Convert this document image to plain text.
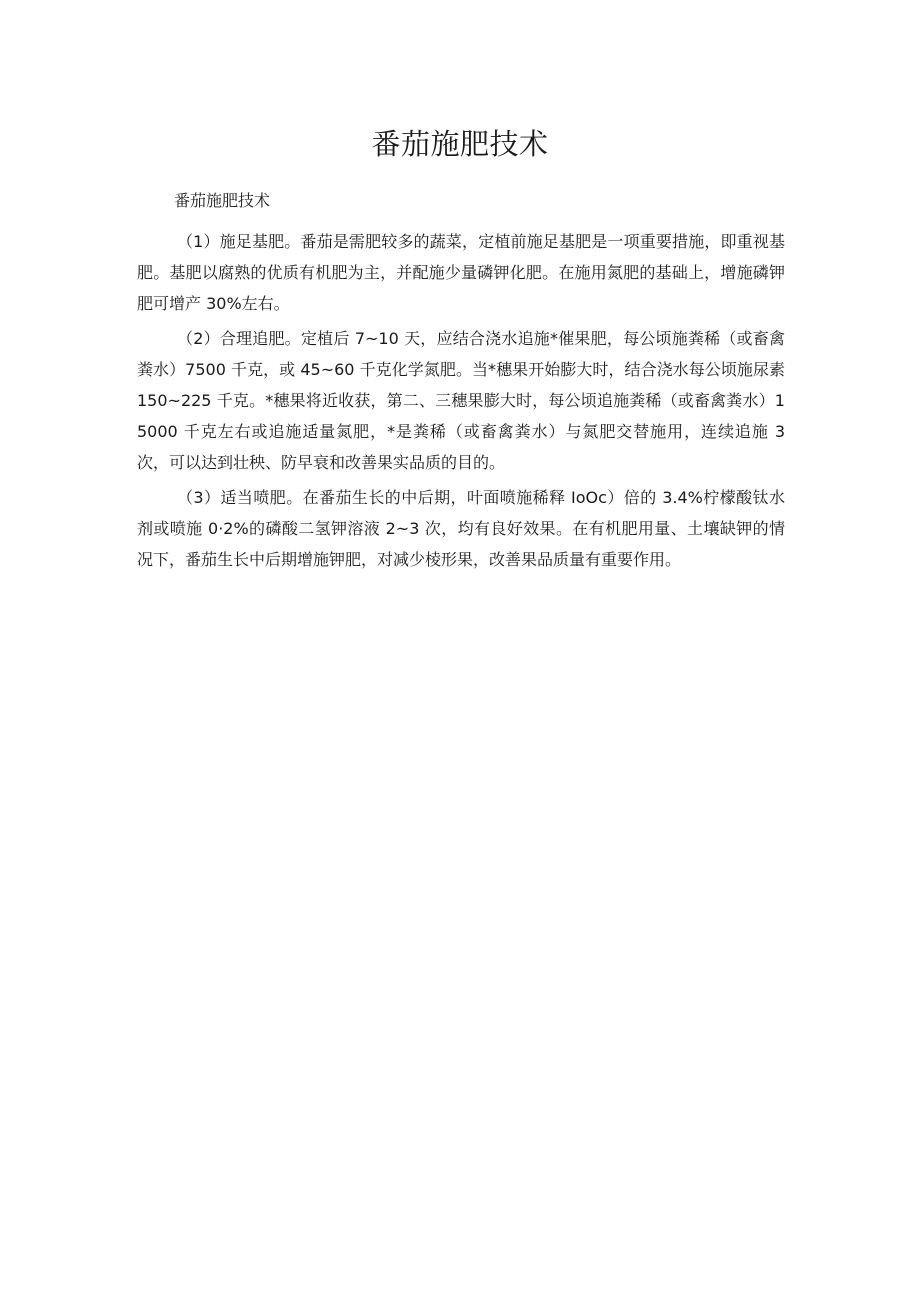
番茄施肥技术

番茄施肥技术

（1）施足基肥。番茄是需肥较多的蔬菜，定植前施足基肥是一项重要措施，即重视基肥。基肥以腐熟的优质有机肥为主，并配施少量磷钾化肥。在施用氮肥的基础上，增施磷钾肥可增产 30%左右。

（2）合理追肥。定植后 7~10 天，应结合浇水追施*催果肥，每公顷施粪稀（或畜禽粪水）7500 千克，或 45~60 千克化学氮肥。当*穗果开始膨大时，结合浇水每公顷施尿素 150~225 千克。*穗果将近收获，第二、三穗果膨大时，每公顷追施粪稀（或畜禽粪水）15000 千克左右或追施适量氮肥，*是粪稀（或畜禽粪水）与氮肥交替施用，连续追施 3 次，可以达到壮秧、防早衰和改善果实品质的目的。

（3）适当喷肥。在番茄生长的中后期，叶面喷施稀释 IoOc）倍的 3.4%柠檬酸钛水剂或喷施 0·2%的磷酸二氢钾溶液 2~3 次，均有良好效果。在有机肥用量、土壤缺钾的情况下，番茄生长中后期增施钾肥，对减少棱形果，改善果品质量有重要作用。
